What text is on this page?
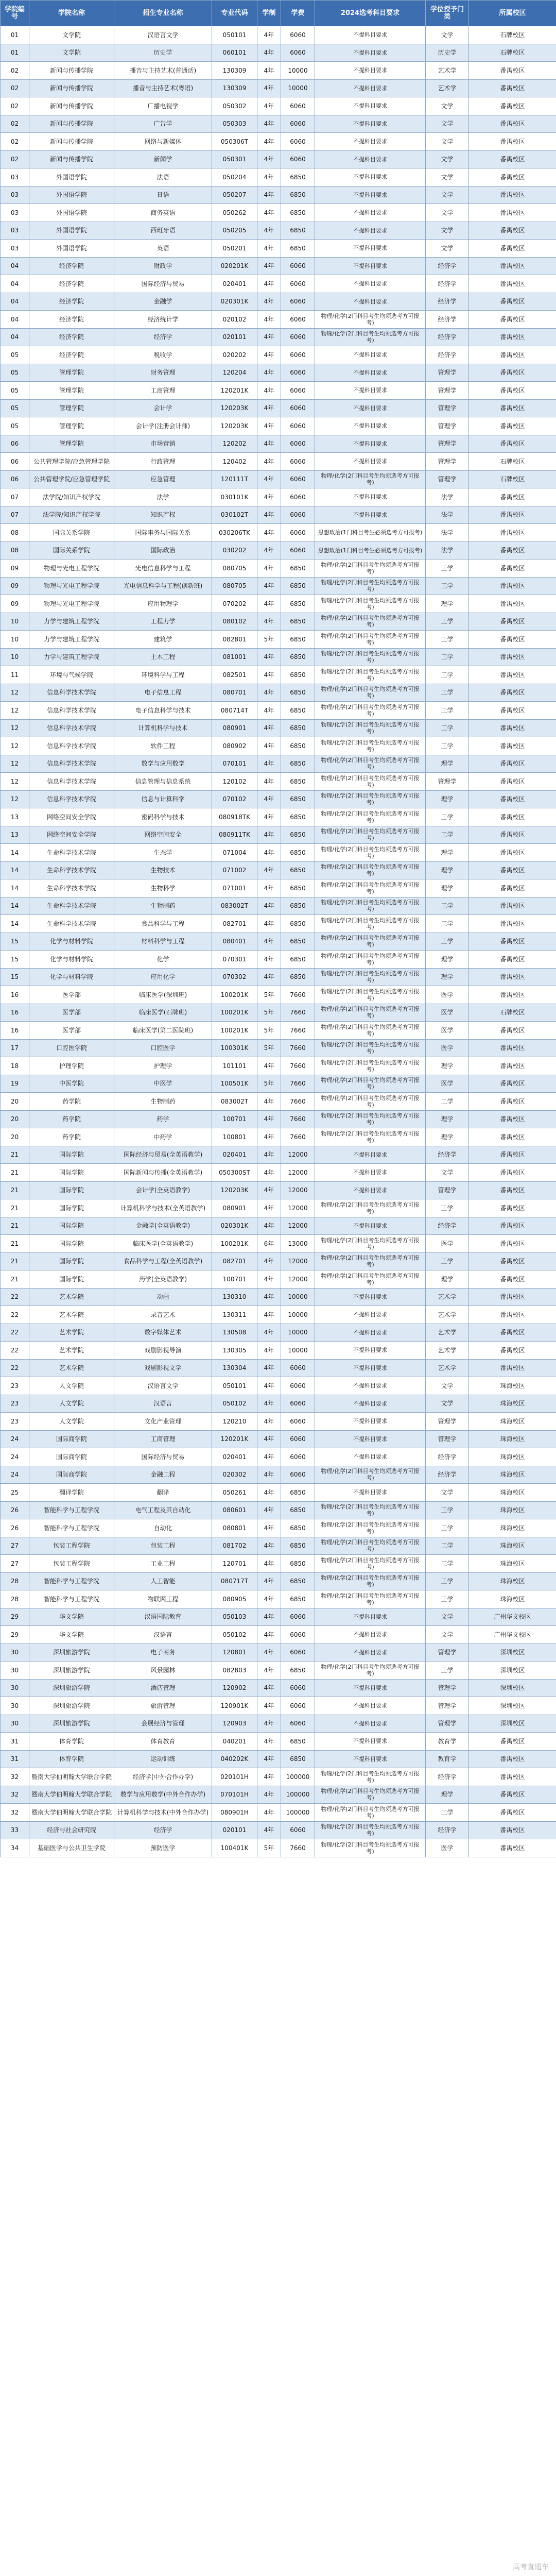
学院编号	学院名称	招生专业名称	专业代码	学制	学费	2024选考科目要求	学位授予门类	所属校区
01	文学院	汉语言文学	050101	4年	6060	不提科目要求	文学	石牌校区
01	文学院	历史学	060101	4年	6060	不提科目要求	历史学	石牌校区
02	新闻与传播学院	播音与主持艺术(普通话)	130309	4年	10000	不提科目要求	艺术学	番禺校区
02	新闻与传播学院	播音与主持艺术(粤语)	130309	4年	10000	不提科目要求	艺术学	番禺校区
02	新闻与传播学院	广播电视学	050302	4年	6060	不提科目要求	文学	番禺校区
02	新闻与传播学院	广告学	050303	4年	6060	不提科目要求	文学	番禺校区
02	新闻与传播学院	网络与新媒体	050306T	4年	6060	不提科目要求	文学	番禺校区
02	新闻与传播学院	新闻学	050301	4年	6060	不提科目要求	文学	番禺校区
03	外国语学院	法语	050204	4年	6850	不提科目要求	文学	番禺校区
03	外国语学院	日语	050207	4年	6850	不提科目要求	文学	番禺校区
03	外国语学院	商务英语	050262	4年	6850	不提科目要求	文学	番禺校区
03	外国语学院	西班牙语	050205	4年	6850	不提科目要求	文学	番禺校区
03	外国语学院	英语	050201	4年	6850	不提科目要求	文学	番禺校区
04	经济学院	财政学	020201K	4年	6060	不提科目要求	经济学	番禺校区
04	经济学院	国际经济与贸易	020401	4年	6060	不提科目要求	经济学	番禺校区
04	经济学院	金融学	020301K	4年	6060	不提科目要求	经济学	番禺校区
04	经济学院	经济统计学	020102	4年	6060	物理/化学(2门科目考生均须选考方可报考)	经济学	番禺校区
04	经济学院	经济学	020101	4年	6060	物理/化学(2门科目考生均须选考方可报考)	经济学	番禺校区
05	经济学院	税收学	020202	4年	6060	不提科目要求	经济学	番禺校区
05	管理学院	财务管理	120204	4年	6060	不提科目要求	管理学	番禺校区
05	管理学院	工商管理	120201K	4年	6060	不提科目要求	管理学	番禺校区
05	管理学院	会计学	120203K	4年	6060	不提科目要求	管理学	番禺校区
05	管理学院	会计学(注册会计师)	120203K	4年	6060	不提科目要求	管理学	番禺校区
06	管理学院	市场营销	120202	4年	6060	不提科目要求	管理学	番禺校区
06	公共管理学院/应急管理学院	行政管理	120402	4年	6060	不提科目要求	管理学	石牌校区
06	公共管理学院/应急管理学院	应急管理	120111T	4年	6060	物理/化学(2门科目考生均须选考方可报考)	管理学	石牌校区
07	法学院/知识产权学院	法学	030101K	4年	6060	不提科目要求	法学	番禺校区
07	法学院/知识产权学院	知识产权	030102T	4年	6060	不提科目要求	法学	番禺校区
08	国际关系学院	国际事务与国际关系	030206TK	4年	6060	思想政治(1门科目考生必须选考方可报考)	法学	番禺校区
08	国际关系学院	国际政治	030202	4年	6060	思想政治(1门科目考生必须选考方可报考)	法学	番禺校区
09	物理与光电工程学院	光电信息科学与工程	080705	4年	6850	物理/化学(2门科目考生均须选考方可报考)	工学	番禺校区
09	物理与光电工程学院	光电信息科学与工程(创新班)	080705	4年	6850	物理/化学(2门科目考生均须选考方可报考)	工学	番禺校区
09	物理与光电工程学院	应用物理学	070202	4年	6850	物理/化学(2门科目考生均须选考方可报考)	理学	番禺校区
10	力学与建筑工程学院	工程力学	080102	4年	6850	物理/化学(2门科目考生均须选考方可报考)	工学	番禺校区
10	力学与建筑工程学院	建筑学	082801	5年	6850	物理/化学(2门科目考生均须选考方可报考)	工学	番禺校区
10	力学与建筑工程学院	土木工程	081001	4年	6850	物理/化学(2门科目考生均须选考方可报考)	工学	番禺校区
11	环境与气候学院	环境科学与工程	082501	4年	6850	物理/化学(2门科目考生均须选考方可报考)	工学	番禺校区
12	信息科学技术学院	电子信息工程	080701	4年	6850	物理/化学(2门科目考生均须选考方可报考)	工学	番禺校区
12	信息科学技术学院	电子信息科学与技术	080714T	4年	6850	物理/化学(2门科目考生均须选考方可报考)	工学	番禺校区
12	信息科学技术学院	计算机科学与技术	080901	4年	6850	物理/化学(2门科目考生均须选考方可报考)	工学	番禺校区
12	信息科学技术学院	软件工程	080902	4年	6850	物理/化学(2门科目考生均须选考方可报考)	工学	番禺校区
12	信息科学技术学院	数学与应用数学	070101	4年	6850	物理/化学(2门科目考生均须选考方可报考)	理学	番禺校区
12	信息科学技术学院	信息管理与信息系统	120102	4年	6850	物理/化学(2门科目考生均须选考方可报考)	管理学	番禺校区
12	信息科学技术学院	信息与计算科学	070102	4年	6850	物理/化学(2门科目考生均须选考方可报考)	理学	番禺校区
13	网络空间安全学院	密码科学与技术	080918TK	4年	6850	物理/化学(2门科目考生均须选考方可报考)	工学	番禺校区
13	网络空间安全学院	网络空间安全	080911TK	4年	6850	物理/化学(2门科目考生均须选考方可报考)	工学	番禺校区
14	生命科学技术学院	生态学	071004	4年	6850	物理/化学(2门科目考生均须选考方可报考)	理学	番禺校区
14	生命科学技术学院	生物技术	071002	4年	6850	物理/化学(2门科目考生均须选考方可报考)	理学	番禺校区
14	生命科学技术学院	生物科学	071001	4年	6850	物理/化学(2门科目考生均须选考方可报考)	理学	番禺校区
14	生命科学技术学院	生物制药	083002T	4年	6850	物理/化学(2门科目考生均须选考方可报考)	工学	番禺校区
14	生命科学技术学院	食品科学与工程	082701	4年	6850	物理/化学(2门科目考生均须选考方可报考)	工学	番禺校区
15	化学与材料学院	材料科学与工程	080401	4年	6850	物理/化学(2门科目考生均须选考方可报考)	工学	番禺校区
15	化学与材料学院	化学	070301	4年	6850	物理/化学(2门科目考生均须选考方可报考)	理学	番禺校区
15	化学与材料学院	应用化学	070302	4年	6850	物理/化学(2门科目考生均须选考方可报考)	理学	番禺校区
16	医学部	临床医学(深圳班)	100201K	5年	7660	物理/化学(2门科目考生均须选考方可报考)	医学	番禺校区
16	医学部	临床医学(石牌班)	100201K	5年	7660	物理/化学(2门科目考生均须选考方可报考)	医学	石牌校区
16	医学部	临床医学(第二医院班)	100201K	5年	7660	物理/化学(2门科目考生均须选考方可报考)	医学	番禺校区
17	口腔医学院	口腔医学	100301K	5年	7660	物理/化学(2门科目考生均须选考方可报考)	医学	番禺校区
18	护理学院	护理学	101101	4年	7660	物理/化学(2门科目考生均须选考方可报考)	理学	番禺校区
19	中医学院	中医学	100501K	5年	7660	物理/化学(2门科目考生均须选考方可报考)	医学	番禺校区
20	药学院	生物制药	083002T	4年	7660	物理/化学(2门科目考生均须选考方可报考)	工学	番禺校区
20	药学院	药学	100701	4年	7660	物理/化学(2门科目考生均须选考方可报考)	理学	番禺校区
20	药学院	中药学	100801	4年	7660	物理/化学(2门科目考生均须选考方可报考)	理学	番禺校区
21	国际学院	国际经济与贸易(全英语教学)	020401	4年	12000	不提科目要求	经济学	番禺校区
21	国际学院	国际新闻与传播(全英语教学)	050300ST	4年	12000	不提科目要求	文学	番禺校区
21	国际学院	会计学(全英语教学)	120203K	4年	12000	不提科目要求	管理学	番禺校区
21	国际学院	计算机科学与技术(全英语教学)	080901	4年	12000	物理/化学(2门科目考生均须选考方可报考)	工学	番禺校区
21	国际学院	金融学(全英语教学)	020301K	4年	12000	不提科目要求	经济学	番禺校区
21	国际学院	临床医学(全英语教学)	100201K	6年	13000	物理/化学(2门科目考生均须选考方可报考)	医学	番禺校区
21	国际学院	食品科学与工程(全英语教学)	082701	4年	12000	物理/化学(2门科目考生均须选考方可报考)	工学	番禺校区
21	国际学院	药学(全英语教学)	100701	4年	12000	物理/化学(2门科目考生均须选考方可报考)	理学	番禺校区
22	艺术学院	动画	130310	4年	10000	不提科目要求	艺术学	番禺校区
22	艺术学院	录音艺术	130311	4年	10000	不提科目要求	艺术学	番禺校区
22	艺术学院	数字媒体艺术	130508	4年	10000	不提科目要求	艺术学	番禺校区
22	艺术学院	戏剧影视导演	130305	4年	10000	不提科目要求	艺术学	番禺校区
22	艺术学院	戏剧影视文学	130304	4年	6060	不提科目要求	艺术学	番禺校区
23	人文学院	汉语言文学	050101	4年	6060	不提科目要求	文学	珠海校区
23	人文学院	汉语言	050102	4年	6060	不提科目要求	文学	珠海校区
23	人文学院	文化产业管理	120210	4年	6060	不提科目要求	管理学	珠海校区
24	国际商学院	工商管理	120201K	4年	6060	不提科目要求	管理学	珠海校区
24	国际商学院	国际经济与贸易	020401	4年	6060	不提科目要求	经济学	珠海校区
24	国际商学院	金融工程	020302	4年	6060	物理/化学(2门科目考生均须选考方可报考)	经济学	珠海校区
25	翻译学院	翻译	050261	4年	6850	不提科目要求	文学	珠海校区
26	智能科学与工程学院	电气工程及其自动化	080601	4年	6850	物理/化学(2门科目考生均须选考方可报考)	工学	珠海校区
26	智能科学与工程学院	自动化	080801	4年	6850	物理/化学(2门科目考生均须选考方可报考)	工学	珠海校区
27	包装工程学院	包装工程	081702	4年	6850	物理/化学(2门科目考生均须选考方可报考)	工学	珠海校区
27	包装工程学院	工业工程	120701	4年	6850	物理/化学(2门科目考生均须选考方可报考)	工学	珠海校区
28	智能科学与工程学院	人工智能	080717T	4年	6850	物理/化学(2门科目考生均须选考方可报考)	工学	珠海校区
28	智能科学与工程学院	物联网工程	080905	4年	6850	物理/化学(2门科目考生均须选考方可报考)	工学	珠海校区
29	华文学院	汉语国际教育	050103	4年	6060	不提科目要求	文学	广州华文校区
29	华文学院	汉语言	050102	4年	6060	不提科目要求	文学	广州华文校区
30	深圳旅游学院	电子商务	120801	4年	6060	不提科目要求	管理学	深圳校区
30	深圳旅游学院	风景园林	082803	4年	6850	物理/化学(2门科目考生均须选考方可报考)	工学	深圳校区
30	深圳旅游学院	酒店管理	120902	4年	6060	不提科目要求	管理学	深圳校区
30	深圳旅游学院	旅游管理	120901K	4年	6060	不提科目要求	管理学	深圳校区
30	深圳旅游学院	会展经济与管理	120903	4年	6060	不提科目要求	管理学	深圳校区
31	体育学院	体育教育	040201	4年	6850	不提科目要求	教育学	番禺校区
31	体育学院	运动训练	040202K	4年	6850	不提科目要求	教育学	番禺校区
32	暨南大学伯明翰大学联合学院	经济学(中外合作办学)	020101H	4年	100000	物理/化学(2门科目考生均须选考方可报考)	经济学	番禺校区
32	暨南大学伯明翰大学联合学院	数学与应用数学(中外合作办学)	070101H	4年	100000	物理/化学(2门科目考生均须选考方可报考)	理学	番禺校区
32	暨南大学伯明翰大学联合学院	计算机科学与技术(中外合作办学)	080901H	4年	100000	物理/化学(2门科目考生均须选考方可报考)	工学	番禺校区
33	经济与社会研究院	经济学	020101	4年	6060	物理/化学(2门科目考生均须选考方可报考)	经济学	番禺校区
34	基础医学与公共卫生学院	预防医学	100401K	5年	7660	物理/化学(2门科目考生均须选考方可报考)	医学	番禺校区
高考直通车
